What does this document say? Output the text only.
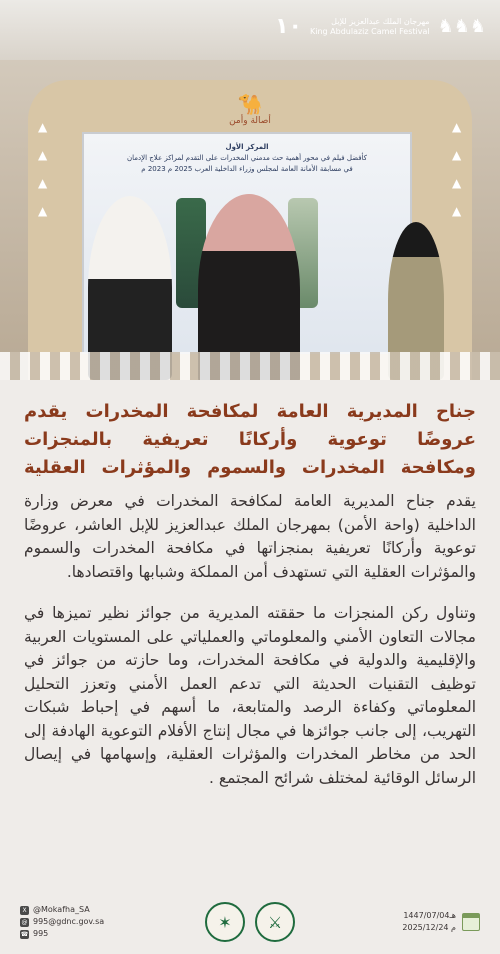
١٠	مهرجان الملك عبدالعزيز للإبل
King Abdulaziz Camel Festival ♞♞♞
▲

▲

▲

▲
▲

▲

▲

▲
🐪
أصالة وأمن
المركز الأول
كأفضل فيلم في محور أهمية حث مدمني المخدرات على التقدم لمراكز علاج الإدمان
في مسابقة الأمانة العامة لمجلس وزراء الداخلية العرب 2025 م 2023 م
جناح المديرية العامة لمكافحة المخدرات يقدم
عروضًا توعوية وأركانًا تعريفية بالمنجزات
ومكافحة المخدرات والسموم والمؤثرات العقلية

يقدم جناح المديرية العامة لمكافحة المخدرات في معرض وزارة الداخلية (واحة الأمن) بمهرجان الملك عبدالعزيز للإبل العاشر، عروضًا توعوية وأركانًا تعريفية بمنجزاتها في مكافحة المخدرات والسموم والمؤثرات العقلية التي تستهدف أمن المملكة وشبابها واقتصادها.

وتناول ركن المنجزات ما حققته المديرية من جوائز نظير تميزها في مجالات التعاون الأمني والمعلوماتي والعملياتي على المستويات العربية والإقليمية والدولية في مكافحة المخدرات، وما حازته من جوائز في توظيف التقنيات الحديثة التي تدعم العمل الأمني وتعزز التحليل المعلوماتي وكفاءة الرصد والمتابعة، ما أسهم في إحباط شبكات التهريب، إلى جانب جوائزها في مجال إنتاج الأفلام التوعوية الهادفة إلى الحد من مخاطر المخدرات والمؤثرات العقلية، وإسهامها في إيصال الرسائل الوقائية لمختلف شرائح المجتمع .

X @Mokafha_SA
@ 995@gdnc.gov.sa
☎ 995
✶	⚔	1447/07/04هـ
2025/12/24 م
